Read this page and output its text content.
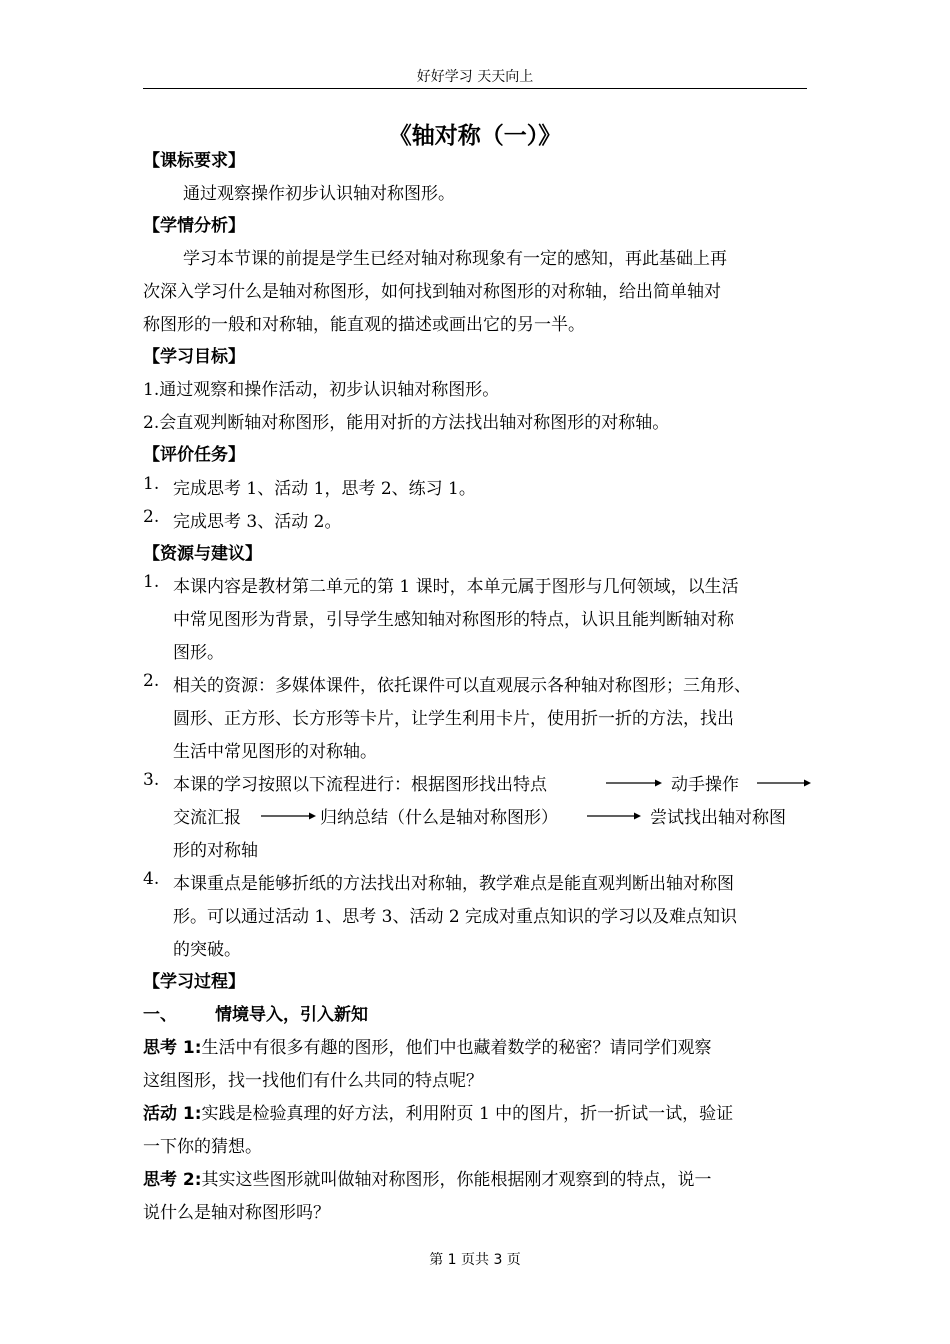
好好学习 天天向上
《轴对称（一）》
【课标要求】
通过观察操作初步认识轴对称图形。
【学情分析】
学习本节课的前提是学生已经对轴对称现象有一定的感知，再此基础上再
次深入学习什么是轴对称图形，如何找到轴对称图形的对称轴，给出简单轴对
称图形的一般和对称轴，能直观的描述或画出它的另一半。
【学习目标】
1.通过观察和操作活动，初步认识轴对称图形。
2.会直观判断轴对称图形，能用对折的方法找出轴对称图形的对称轴。
【评价任务】
1. 完成思考 1、活动 1，思考 2、练习 1。
2. 完成思考 3、活动 2。
【资源与建议】
1. 本课内容是教材第二单元的第 1 课时，本单元属于图形与几何领域，以生活
中常见图形为背景，引导学生感知轴对称图形的特点，认识且能判断轴对称
图形。
2. 相关的资源：多媒体课件，依托课件可以直观展示各种轴对称图形；三角形、
圆形、正方形、长方形等卡片，让学生利用卡片，使用折一折的方法，找出
生活中常见图形的对称轴。
3. 本课的学习按照以下流程进行：根据图形找出特点	动手操作
交流汇报	归纳总结（什么是轴对称图形）	尝试找出轴对称图
形的对称轴
4. 本课重点是能够折纸的方法找出对称轴，教学难点是能直观判断出轴对称图
形。可以通过活动 1、思考 3、活动 2 完成对重点知识的学习以及难点知识
的突破。
【学习过程】
一、 情境导入，引入新知
思考 1:生活中有很多有趣的图形，他们中也藏着数学的秘密？请同学们观察
这组图形，找一找他们有什么共同的特点呢？
活动 1:实践是检验真理的好方法，利用附页 1 中的图片，折一折试一试，验证
一下你的猜想。
思考 2:其实这些图形就叫做轴对称图形，你能根据刚才观察到的特点，说一
说什么是轴对称图形吗？
第 1 页共 3 页
